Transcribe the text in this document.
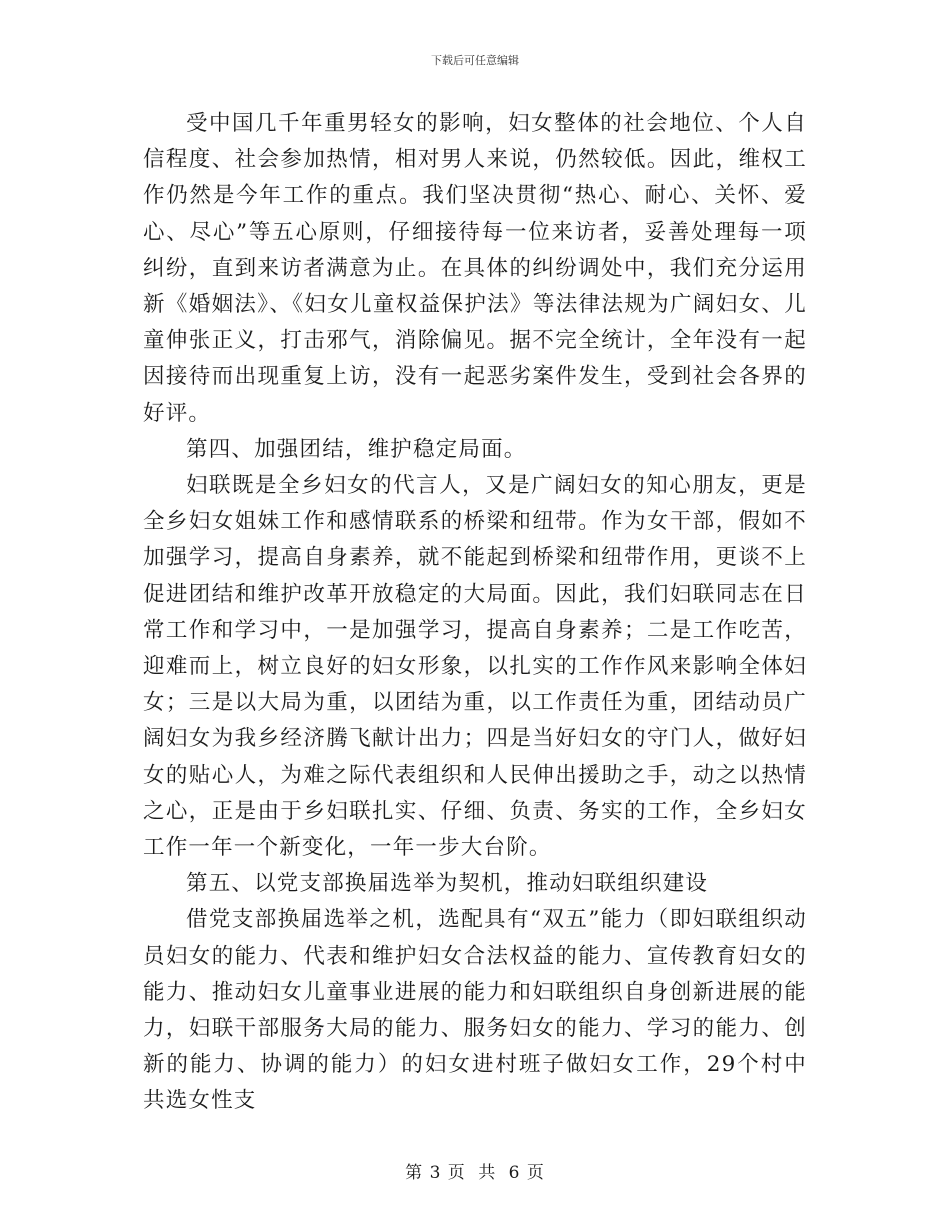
下载后可任意编辑

受中国几千年重男轻女的影响，妇女整体的社会地位、个人自信程度、社会参加热情，相对男人来说，仍然较低。因此，维权工作仍然是今年工作的重点。我们坚决贯彻“热心、耐心、关怀、爱心、尽心”等五心原则，仔细接待每一位来访者，妥善处理每一项纠纷，直到来访者满意为止。在具体的纠纷调处中，我们充分运用新《婚姻法》、《妇女儿童权益保护法》等法律法规为广阔妇女、儿童伸张正义，打击邪气，消除偏见。据不完全统计，全年没有一起因接待而出现重复上访，没有一起恶劣案件发生，受到社会各界的好评。

第四、加强团结，维护稳定局面。

妇联既是全乡妇女的代言人，又是广阔妇女的知心朋友，更是全乡妇女姐妹工作和感情联系的桥梁和纽带。作为女干部，假如不加强学习，提高自身素养，就不能起到桥梁和纽带作用，更谈不上促进团结和维护改革开放稳定的大局面。因此，我们妇联同志在日常工作和学习中，一是加强学习，提高自身素养；二是工作吃苦，迎难而上，树立良好的妇女形象，以扎实的工作作风来影响全体妇女；三是以大局为重，以团结为重，以工作责任为重，团结动员广阔妇女为我乡经济腾飞献计出力；四是当好妇女的守门人，做好妇女的贴心人，为难之际代表组织和人民伸出援助之手，动之以热情之心，正是由于乡妇联扎实、仔细、负责、务实的工作，全乡妇女工作一年一个新变化，一年一步大台阶。

第五、以党支部换届选举为契机，推动妇联组织建设

借党支部换届选举之机，选配具有“双五”能力（即妇联组织动员妇女的能力、代表和维护妇女合法权益的能力、宣传教育妇女的能力、推动妇女儿童事业进展的能力和妇联组织自身创新进展的能力，妇联干部服务大局的能力、服务妇女的能力、学习的能力、创新的能力、协调的能力）的妇女进村班子做妇女工作，29个村中共选女性支

第 3 页 共 6 页
